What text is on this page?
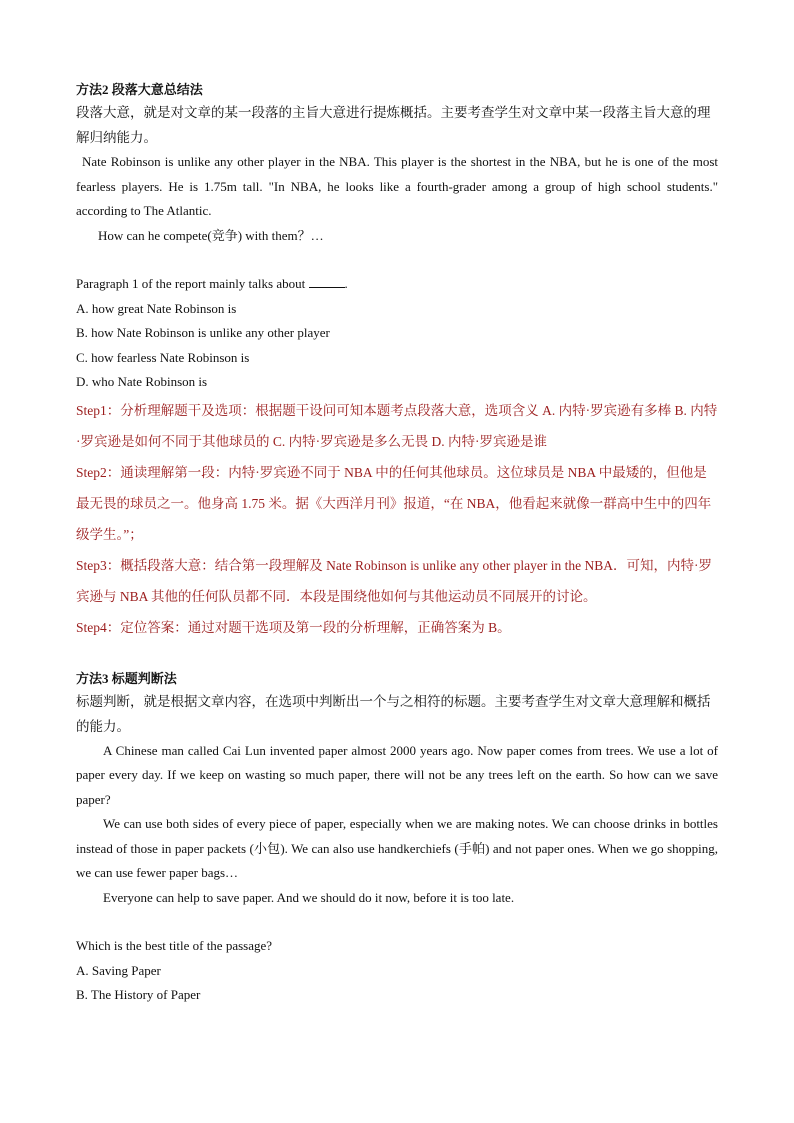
方法2 段落大意总结法

段落大意，就是对文章的某一段落的主旨大意进行提炼概括。主要考查学生对文章中某一段落主旨大意的理解归纳能力。

Nate Robinson is unlike any other player in the NBA. This player is the shortest in the NBA, but he is one of the most fearless players. He is 1.75m tall. "In NBA, he looks like a fourth-grader among a group of high school students." according to The Atlantic.

How can he compete(竞争) with them？…

Paragraph 1 of the report mainly talks about	.

A. how great Nate Robinson is

B. how Nate Robinson is unlike any other player

C. how fearless Nate Robinson is

D. who Nate Robinson is

Step1：分析理解题干及选项：根据题干设问可知本题考点段落大意，选项含义 A. 内特·罗宾逊有多棒 B. 内特·罗宾逊是如何不同于其他球员的 C. 内特·罗宾逊是多么无畏 D. 内特·罗宾逊是谁

Step2：通读理解第一段：内特·罗宾逊不同于 NBA 中的任何其他球员。这位球员是 NBA 中最矮的，但他是最无畏的球员之一。他身高 1.75 米。据《大西洋月刊》报道，“在 NBA，他看起来就像一群高中生中的四年级学生。”；

Step3：概括段落大意：结合第一段理解及 Nate Robinson is unlike any other player in the NBA．可知，内特·罗宾逊与 NBA 其他的任何队员都不同．本段是围绕他如何与其他运动员不同展开的讨论。

Step4：定位答案：通过对题干选项及第一段的分析理解，正确答案为 B。

方法3 标题判断法

标题判断，就是根据文章内容，在选项中判断出一个与之相符的标题。主要考查学生对文章大意理解和概括的能力。

A Chinese man called Cai Lun invented paper almost 2000 years ago. Now paper comes from trees. We use a lot of paper every day. If we keep on wasting so much paper, there will not be any trees left on the earth. So how can we save paper?

We can use both sides of every piece of paper, especially when we are making notes. We can choose drinks in bottles instead of those in paper packets (小包). We can also use handkerchiefs (手帕) and not paper ones. When we go shopping, we can use fewer paper bags…

Everyone can help to save paper. And we should do it now, before it is too late.

Which is the best title of the passage?

A. Saving Paper

B. The History of Paper
